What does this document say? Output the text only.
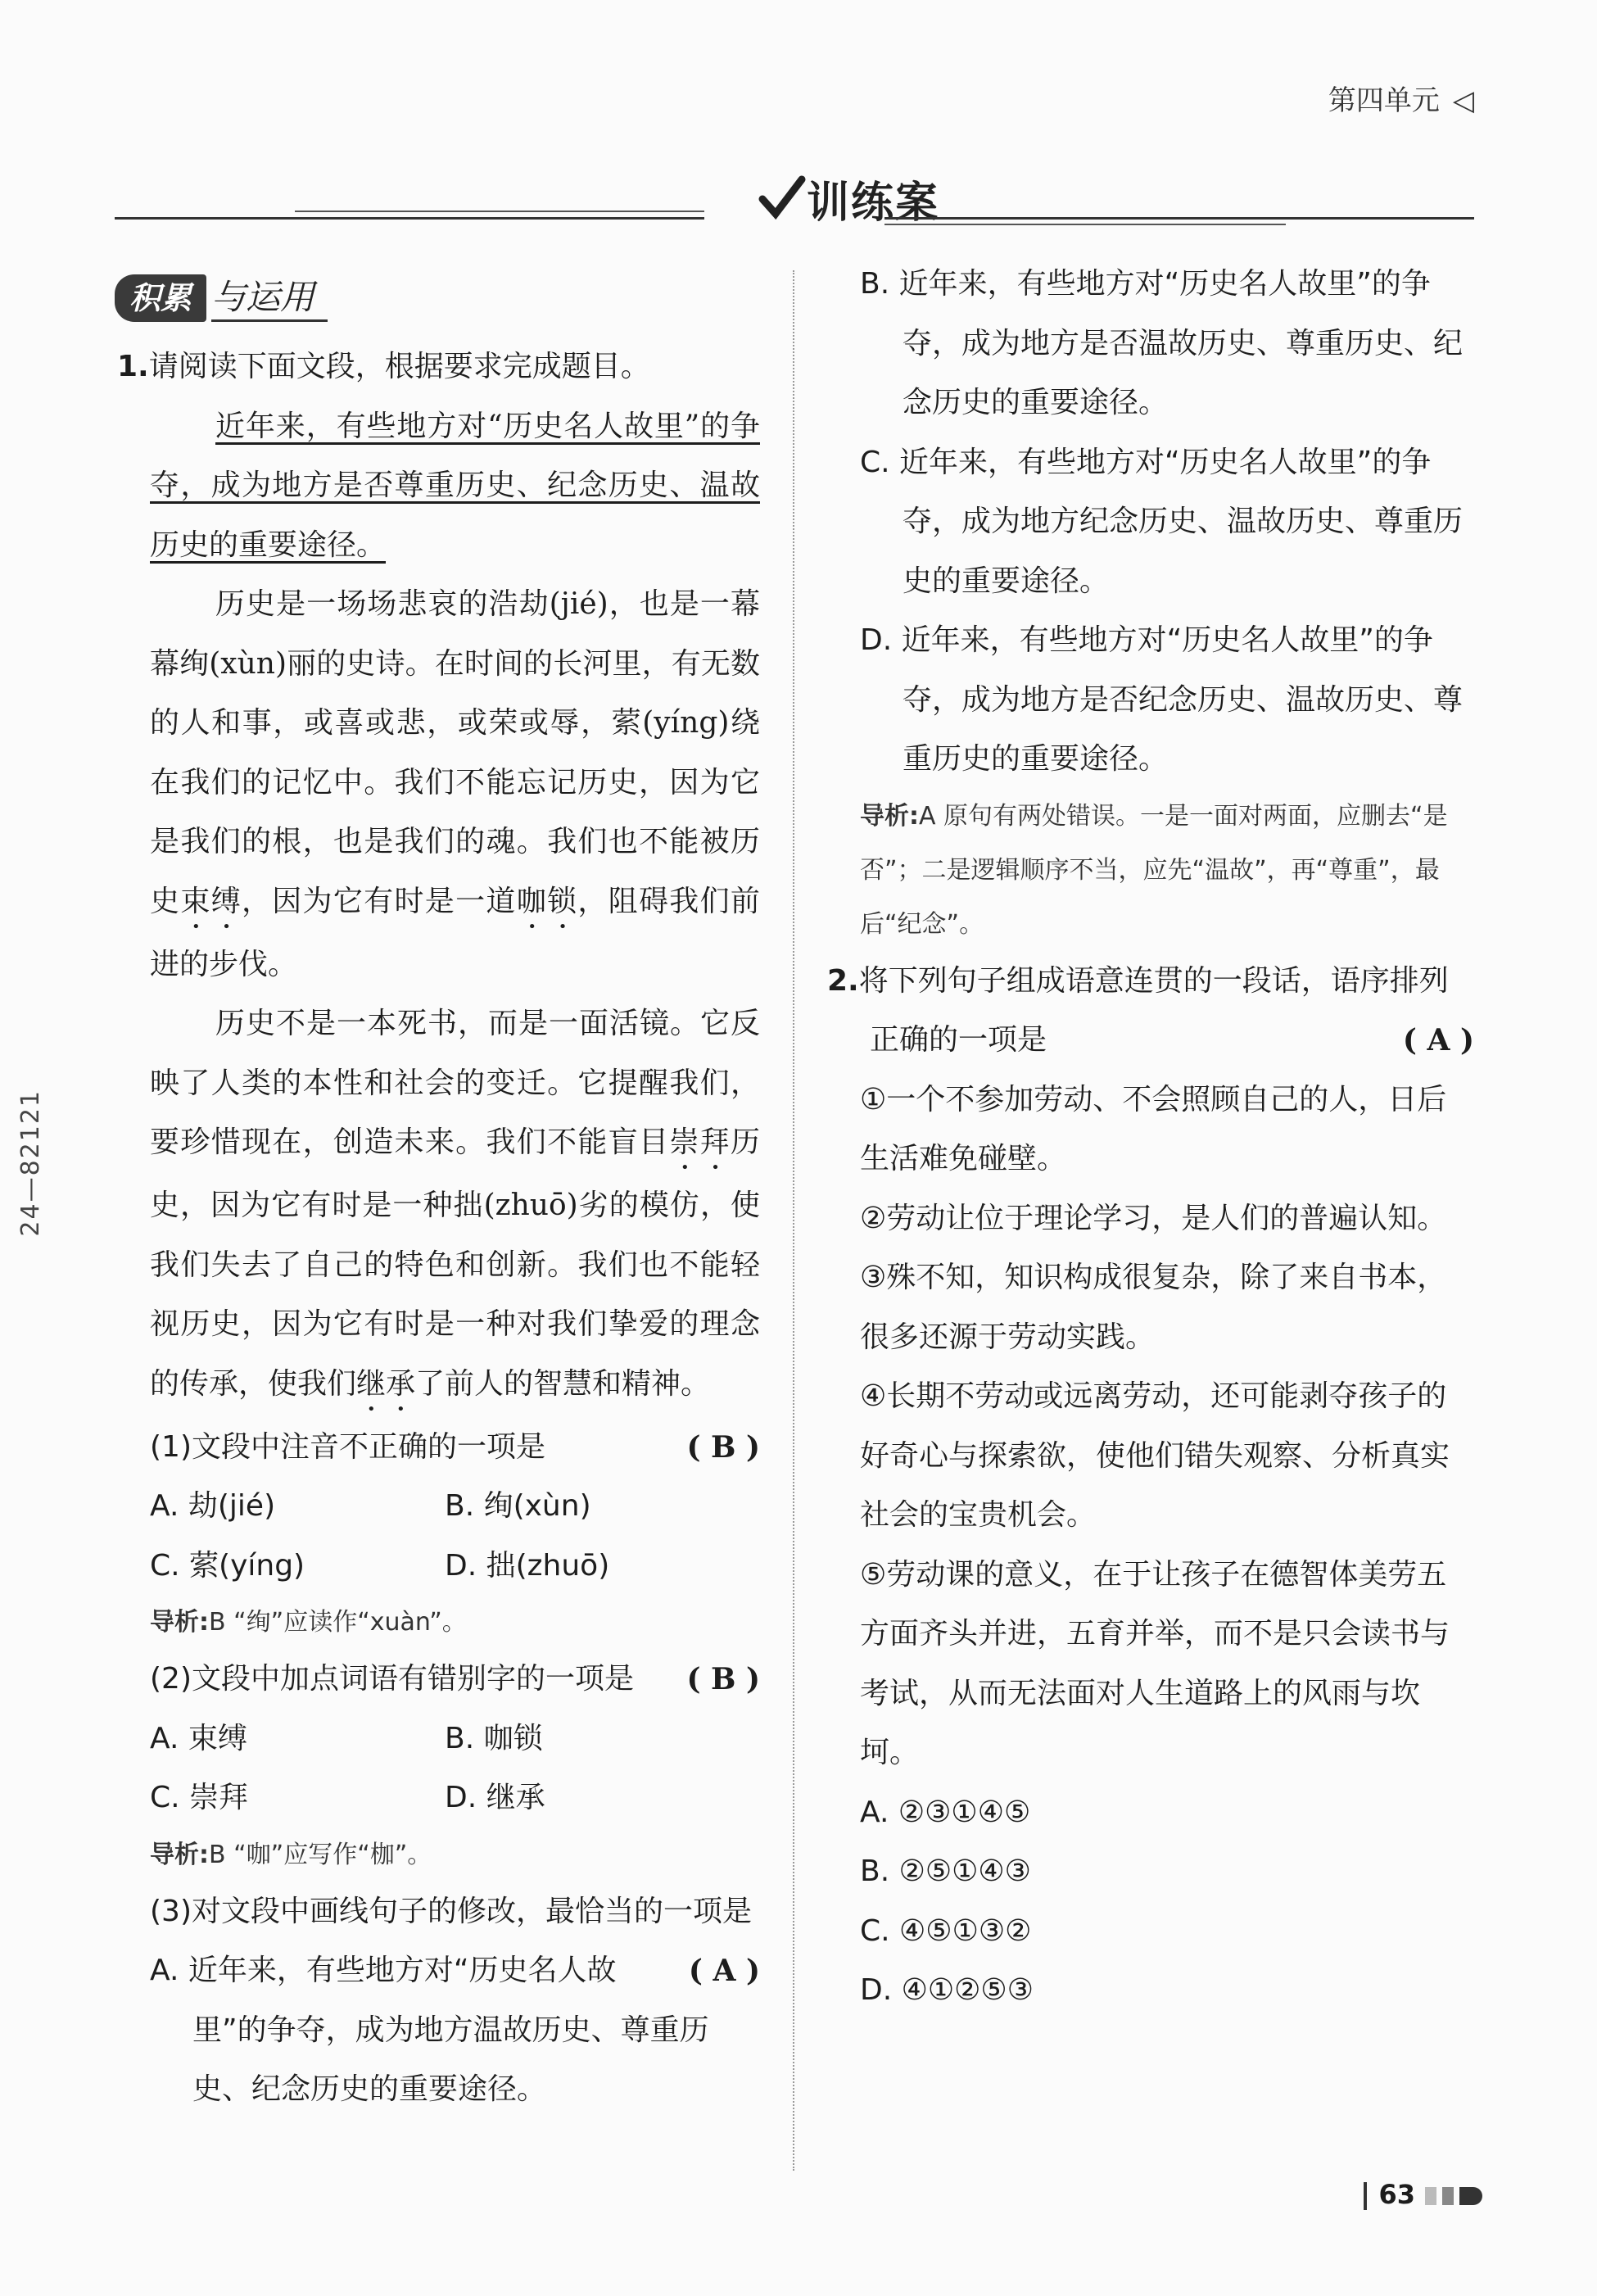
第四单元 ◁
训练案
积累 与运用
24—82121

1.请阅读下面文段，根据要求完成题目。

近年来，有些地方对“历史名人故里”的争夺，成为地方是否尊重历史、纪念历史、温故历史的重要途径。

历史是一场场悲哀的浩劫(jié)，也是一幕幕绚(xùn)丽的史诗。在时间的长河里，有无数的人和事，或喜或悲，或荣或辱，萦(yíng)绕在我们的记忆中。我们不能忘记历史，因为它是我们的根，也是我们的魂。我们也不能被历史束缚，因为它有时是一道咖锁，阻碍我们前进的步伐。

历史不是一本死书，而是一面活镜。它反映了人类的本性和社会的变迁。它提醒我们，要珍惜现在，创造未来。我们不能盲目崇拜历史，因为它有时是一种拙(zhuō)劣的模仿，使我们失去了自己的特色和创新。我们也不能轻视历史，因为它有时是一种对我们挚爱的理念的传承，使我们继承了前人的智慧和精神。

(1)文段中注音不正确的一项是	( B )

A. 劫(jié)	B. 绚(xùn)
C. 萦(yíng)	D. 拙(zhuō)

导析:B “绚”应读作“xuàn”。

(2)文段中加点词语有错别字的一项是 ( B )

A. 束缚	B. 咖锁
C. 崇拜	D. 继承

导析:B “咖”应写作“枷”。

(3)对文段中画线句子的修改，最恰当的一项是
( A )

A. 近年来，有些地方对“历史名人故里”的争夺，成为地方温故历史、尊重历史、纪念历史的重要途径。

B. 近年来，有些地方对“历史名人故里”的争夺，成为地方是否温故历史、尊重历史、纪念历史的重要途径。

C. 近年来，有些地方对“历史名人故里”的争夺，成为地方纪念历史、温故历史、尊重历史的重要途径。

D. 近年来，有些地方对“历史名人故里”的争夺，成为地方是否纪念历史、温故历史、尊重历史的重要途径。

导析:A 原句有两处错误。一是一面对两面，应删去“是否”；二是逻辑顺序不当，应先“温故”，再“尊重”，最后“纪念”。

2.将下列句子组成语意连贯的一段话，语序排列正确的一项是	( A )

①一个不参加劳动、不会照顾自己的人，日后生活难免碰壁。

②劳动让位于理论学习，是人们的普遍认知。

③殊不知，知识构成很复杂，除了来自书本，很多还源于劳动实践。

④长期不劳动或远离劳动，还可能剥夺孩子的好奇心与探索欲，使他们错失观察、分析真实社会的宝贵机会。

⑤劳动课的意义，在于让孩子在德智体美劳五方面齐头并进，五育并举，而不是只会读书与考试，从而无法面对人生道路上的风雨与坎坷。

A. ②③①④⑤

B. ②⑤①④③

C. ④⑤①③②

D. ④①②⑤③

63
